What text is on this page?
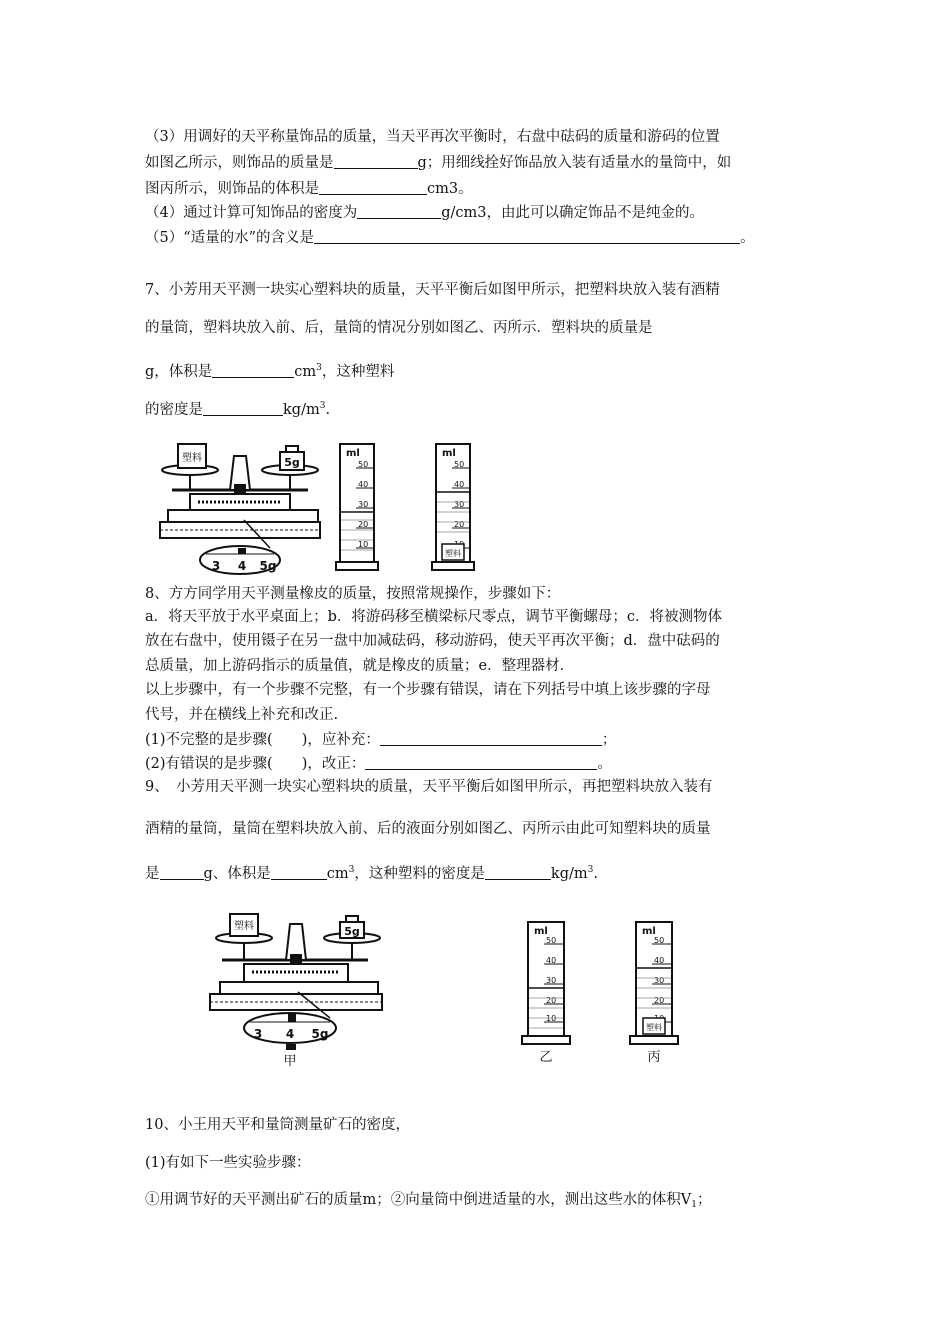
（3）用调好的天平称量饰品的质量，当天平再次平衡时，右盘中砝码的质量和游码的位置
如图乙所示，则饰品的质量是	g；用细线拴好饰品放入装有适量水的量筒中，如
图丙所示，则饰品的体积是	cm3。
（4）通过计算可知饰品的密度为	g/cm3，由此可以确定饰品不是纯金的。
（5）“适量的水”的含义是	。
7、小芳用天平测一块实心塑料块的质量，天平平衡后如图甲所示，把塑料块放入装有酒精
的量筒，塑料块放入前、后，量筒的情况分别如图乙、丙所示．塑料块的质量是
g，体积是	$cm^3$，这种塑料
的密度是	$kg/m^3$.
塑料	5g
3 4 5g
ml
50
40
30
20
10
ml
50
40
30
20
塑料
8、方方同学用天平测量橡皮的质量，按照常规操作，步骤如下：
a．将天平放于水平桌面上；b．将游码移至横梁标尺零点，调节平衡螺母；c．将被测物体
放在右盘中，使用镊子在另一盘中加减砝码，移动游码，使天平再次平衡；d．盘中砝码的
总质量，加上游码指示的质量值，就是橡皮的质量；e．整理器材．
以上步骤中，有一个步骤不完整，有一个步骤有错误，请在下列括号中填上该步骤的字母
代号，并在横线上补充和改正.
(1)不完整的是步骤(　　)，应补充：	；
(2)有错误的是步骤(　　)，改正：	。
9、　小芳用天平测一块实心塑料块的质量，天平平衡后如图甲所示，再把塑料块放入装有
酒精的量筒，量筒在塑料块放入前、后的液面分别如图乙、丙所示由此可知塑料块的质量
是	g、体积是	$cm^3$，这种塑料的密度是	$kg/m^3$.
塑料	5g
3 4 5g
甲
ml
50
40
30
20
10
乙
ml
50
40
30
20
塑料
丙
10、小王用天平和量筒测量矿石的密度，
(1)有如下一些实验步骤：
①用调节好的天平测出矿石的质量m；②向量筒中倒进适量的水，测出这些水的体积$V_1$；
